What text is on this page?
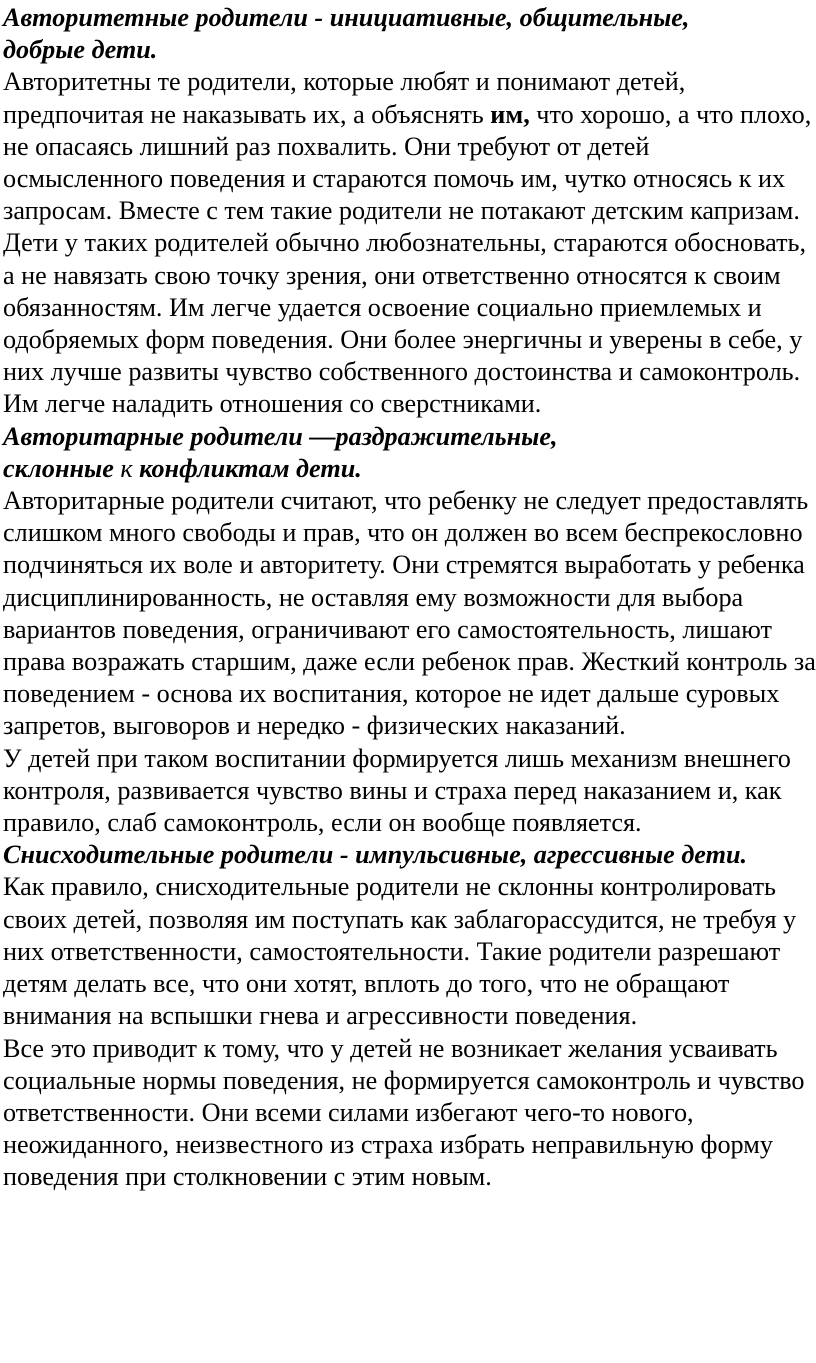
Авторитетные родители - инициативные, общительные,
добрые дети.

Авторитетны те родители, которые любят и понимают детей, предпочитая не наказывать их, а объяснять им, что хорошо, а что плохо, не опасаясь лишний раз похвалить. Они требуют от детей осмысленного поведения и стараются помочь им, чутко относясь к их запросам. Вместе с тем такие родители не потакают детским капризам.

Дети у таких родителей обычно любознательны, стараются обосновать, а не навязать свою точку зрения, они ответственно относятся к своим обязанностям. Им легче удается освоение социально приемлемых и одобряемых форм поведения. Они более энергичны и уверены в себе, у них лучше развиты чувство собственного достоинства и самоконтроль. Им легче наладить отношения со сверстниками.

Авторитарные родители —раздражительные,
склонные к конфликтам дети.

Авторитарные родители считают, что ребенку не следует предоставлять слишком много свободы и прав, что он должен во всем беспрекословно подчиняться их воле и авторитету. Они стремятся выработать у ребенка дисциплинированность, не оставляя ему возможности для выбора вариантов поведения, ограничивают его самостоятельность, лишают права возражать старшим, даже если ребенок прав. Жесткий контроль за поведением - основа их воспитания, которое не идет дальше суровых запретов, выговоров и нередко - физических наказаний.

У детей при таком воспитании формируется лишь механизм внешнего контроля, развивается чувство вины и страха перед наказанием и, как правило, слаб самоконтроль, если он вообще появляется.

Снисходительные родители - импульсивные, агрессивные дети.

Как правило, снисходительные родители не склонны контролировать своих детей, позволяя им поступать как заблагорассудится, не требуя у них ответственности, самостоятельности. Такие родители разрешают детям делать все, что они хотят, вплоть до того, что не обращают внимания на вспышки гнева и агрессивности поведения.

Все это приводит к тому, что у детей не возникает желания усваивать социальные нормы поведения, не формируется самоконтроль и чувство ответственности. Они всеми силами избегают чего-то нового, неожиданного, неизвестного из страха избрать неправильную форму поведения при столкновении с этим новым.
